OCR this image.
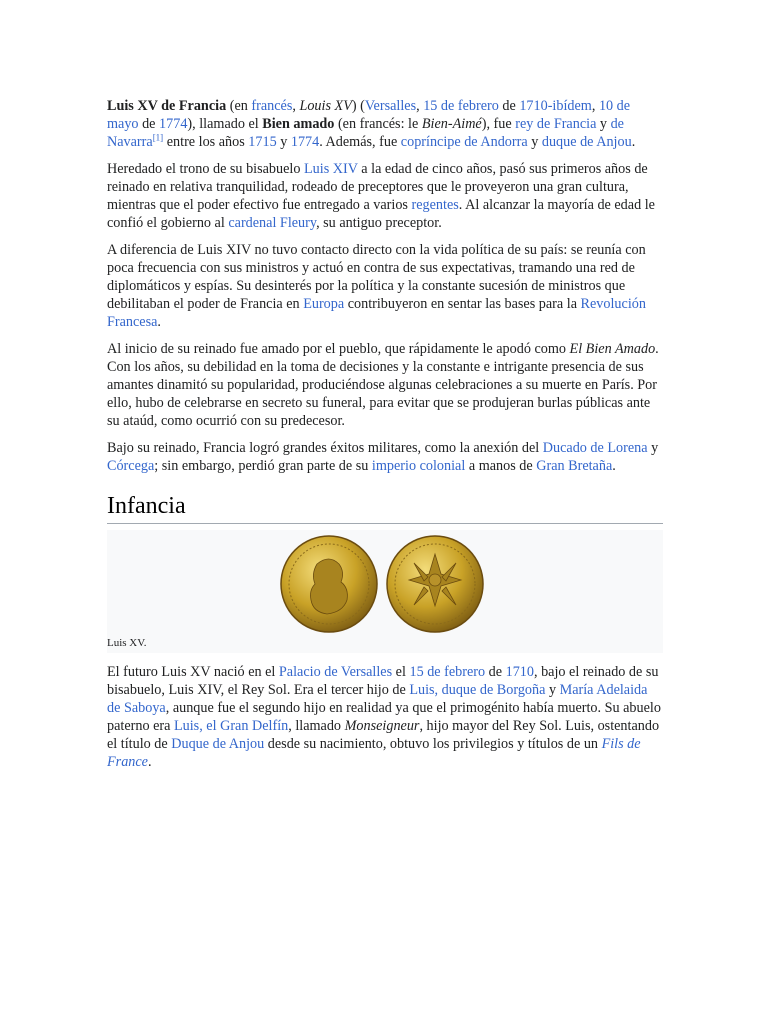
Luis XV de Francia (en francés, Louis XV) (Versalles, 15 de febrero de 1710-ibídem, 10 de mayo de 1774), llamado el Bien amado (en francés: le Bien-Aimé), fue rey de Francia y de Navarra[1] entre los años 1715 y 1774. Además, fue copríncipe de Andorra y duque de Anjou.

Heredado el trono de su bisabuelo Luis XIV a la edad de cinco años, pasó sus primeros años de reinado en relativa tranquilidad, rodeado de preceptores que le proveyeron una gran cultura, mientras que el poder efectivo fue entregado a varios regentes. Al alcanzar la mayoría de edad le confió el gobierno al cardenal Fleury, su antiguo preceptor.

A diferencia de Luis XIV no tuvo contacto directo con la vida política de su país: se reunía con poca frecuencia con sus ministros y actuó en contra de sus expectativas, tramando una red de diplomáticos y espías. Su desinterés por la política y la constante sucesión de ministros que debilitaban el poder de Francia en Europa contribuyeron en sentar las bases para la Revolución Francesa.

Al inicio de su reinado fue amado por el pueblo, que rápidamente le apodó como El Bien Amado. Con los años, su debilidad en la toma de decisiones y la constante e intrigante presencia de sus amantes dinamitó su popularidad, produciéndose algunas celebraciones a su muerte en París. Por ello, hubo de celebrarse en secreto su funeral, para evitar que se produjeran burlas públicas ante su ataúd, como ocurrió con su predecesor.

Bajo su reinado, Francia logró grandes éxitos militares, como la anexión del Ducado de Lorena y Córcega; sin embargo, perdió gran parte de su imperio colonial a manos de Gran Bretaña.

Infancia
Luis XV.

El futuro Luis XV nació en el Palacio de Versalles el 15 de febrero de 1710, bajo el reinado de su bisabuelo, Luis XIV, el Rey Sol. Era el tercer hijo de Luis, duque de Borgoña y María Adelaida de Saboya, aunque fue el segundo hijo en realidad ya que el primogénito había muerto. Su abuelo paterno era Luis, el Gran Delfín, llamado Monseigneur, hijo mayor del Rey Sol. Luis, ostentando el título de Duque de Anjou desde su nacimiento, obtuvo los privilegios y títulos de un Fils de France.
